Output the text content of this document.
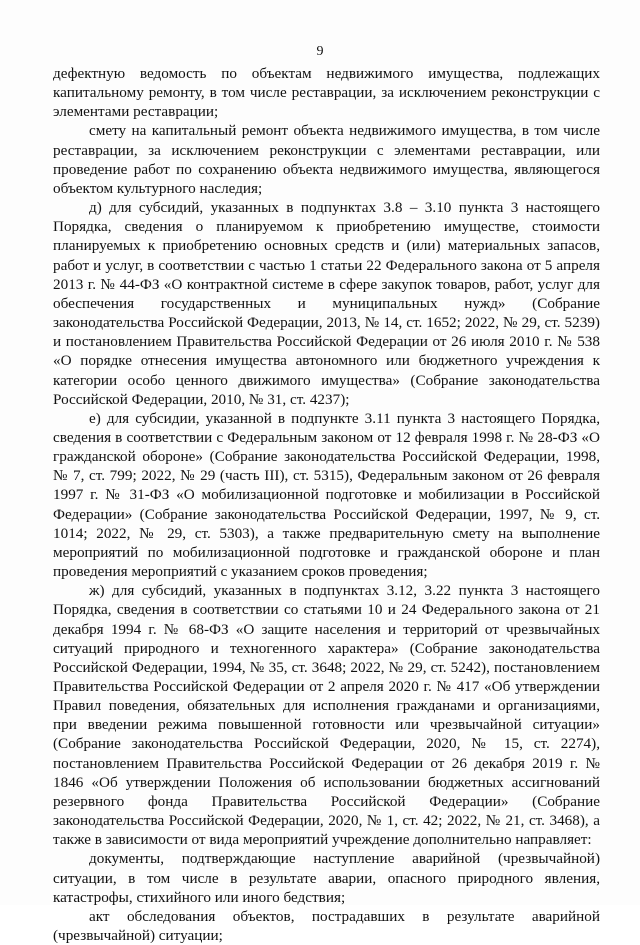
9

дефектную ведомость по объектам недвижимого имущества, подлежащих капитальному ремонту, в том числе реставрации, за исключением реконструкции с элементами реставрации;

смету на капитальный ремонт объекта недвижимого имущества, в том числе реставрации, за исключением реконструкции с элементами реставрации, или проведение работ по сохранению объекта недвижимого имущества, являющегося объектом культурного наследия;

д) для субсидий, указанных в подпунктах 3.8 – 3.10 пункта 3 настоящего Порядка, сведения о планируемом к приобретению имуществе, стоимости планируемых к приобретению основных средств и (или) материальных запасов, работ и услуг, в соответствии с частью 1 статьи 22 Федерального закона от 5 апреля 2013 г. № 44-ФЗ «О контрактной системе в сфере закупок товаров, работ, услуг для обеспечения государственных и муниципальных нужд» (Собрание законодательства Российской Федерации, 2013, № 14, ст. 1652; 2022, № 29, ст. 5239) и постановлением Правительства Российской Федерации от 26 июля 2010 г. № 538 «О порядке отнесения имущества автономного или бюджетного учреждения к категории особо ценного движимого имущества» (Собрание законодательства Российской Федерации, 2010, № 31, ст. 4237);

е) для субсидии, указанной в подпункте 3.11 пункта 3 настоящего Порядка, сведения в соответствии с Федеральным законом от 12 февраля 1998 г. № 28-ФЗ «О гражданской обороне» (Собрание законодательства Российской Федерации, 1998, № 7, ст. 799; 2022, № 29 (часть III), ст. 5315), Федеральным законом от 26 февраля 1997 г. № 31-ФЗ «О мобилизационной подготовке и мобилизации в Российской Федерации» (Собрание законодательства Российской Федерации, 1997, № 9, ст. 1014; 2022, № 29, ст. 5303), а также предварительную смету на выполнение мероприятий по мобилизационной подготовке и гражданской обороне и план проведения мероприятий с указанием сроков проведения;

ж) для субсидий, указанных в подпунктах 3.12, 3.22 пункта 3 настоящего Порядка, сведения в соответствии со статьями 10 и 24 Федерального закона от 21 декабря 1994 г. № 68-ФЗ «О защите населения и территорий от чрезвычайных ситуаций природного и техногенного характера» (Собрание законодательства Российской Федерации, 1994, № 35, ст. 3648; 2022, № 29, ст. 5242), постановлением Правительства Российской Федерации от 2 апреля 2020 г. № 417 «Об утверждении Правил поведения, обязательных для исполнения гражданами и организациями, при введении режима повышенной готовности или чрезвычайной ситуации» (Собрание законодательства Российской Федерации, 2020, № 15, ст. 2274), постановлением Правительства Российской Федерации от 26 декабря 2019 г. № 1846 «Об утверждении Положения об использовании бюджетных ассигнований резервного фонда Правительства Российской Федерации» (Собрание законодательства Российской Федерации, 2020, № 1, ст. 42; 2022, № 21, ст. 3468), а также в зависимости от вида мероприятий учреждение дополнительно направляет:

документы, подтверждающие наступление аварийной (чрезвычайной) ситуации, в том числе в результате аварии, опасного природного явления, катастрофы, стихийного или иного бедствия;

акт обследования объектов, пострадавших в результате аварийной (чрезвычайной) ситуации;
